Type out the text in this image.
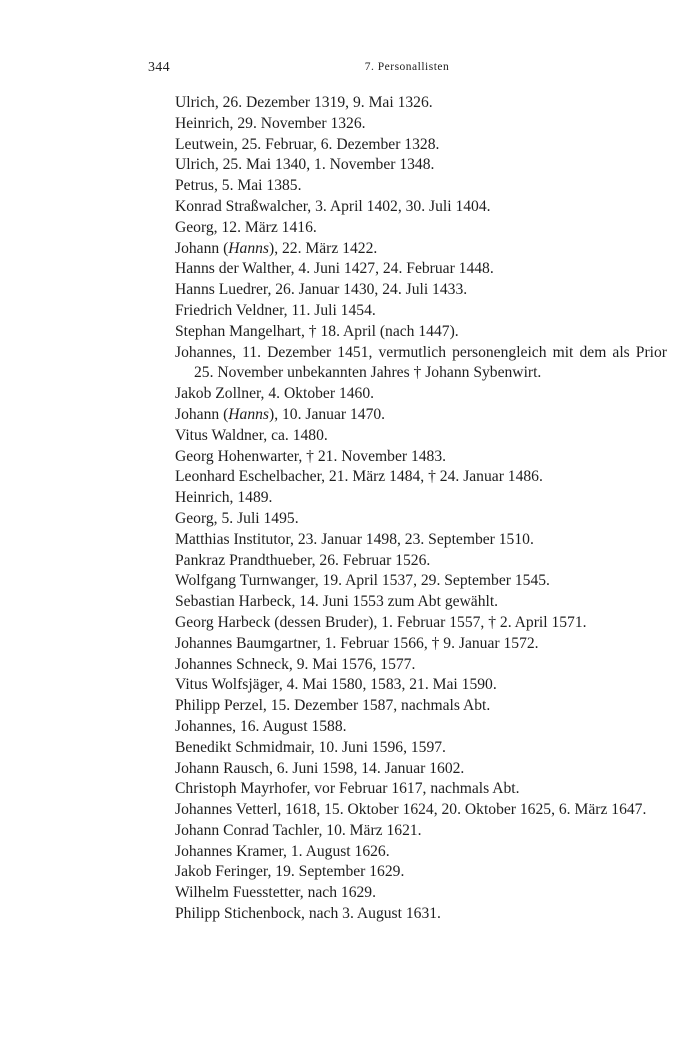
344	7. Personallisten
Ulrich, 26. Dezember 1319, 9. Mai 1326.
Heinrich, 29. November 1326.
Leutwein, 25. Februar, 6. Dezember 1328.
Ulrich, 25. Mai 1340, 1. November 1348.
Petrus, 5. Mai 1385.
Konrad Straßwalcher, 3. April 1402, 30. Juli 1404.
Georg, 12. März 1416.
Johann (Hanns), 22. März 1422.
Hanns der Walther, 4. Juni 1427, 24. Februar 1448.
Hanns Luedrer, 26. Januar 1430, 24. Juli 1433.
Friedrich Veldner, 11. Juli 1454.
Stephan Mangelhart, † 18. April (nach 1447).
Johannes, 11. Dezember 1451, vermutlich personengleich mit dem als Prior 25. November unbekannten Jahres † Johann Sybenwirt.
Jakob Zollner, 4. Oktober 1460.
Johann (Hanns), 10. Januar 1470.
Vitus Waldner, ca. 1480.
Georg Hohenwarter, † 21. November 1483.
Leonhard Eschelbacher, 21. März 1484, † 24. Januar 1486.
Heinrich, 1489.
Georg, 5. Juli 1495.
Matthias Institutor, 23. Januar 1498, 23. September 1510.
Pankraz Prandthueber, 26. Februar 1526.
Wolfgang Turnwanger, 19. April 1537, 29. September 1545.
Sebastian Harbeck, 14. Juni 1553 zum Abt gewählt.
Georg Harbeck (dessen Bruder), 1. Februar 1557, † 2. April 1571.
Johannes Baumgartner, 1. Februar 1566, † 9. Januar 1572.
Johannes Schneck, 9. Mai 1576, 1577.
Vitus Wolfsjäger, 4. Mai 1580, 1583, 21. Mai 1590.
Philipp Perzel, 15. Dezember 1587, nachmals Abt.
Johannes, 16. August 1588.
Benedikt Schmidmair, 10. Juni 1596, 1597.
Johann Rausch, 6. Juni 1598, 14. Januar 1602.
Christoph Mayrhofer, vor Februar 1617, nachmals Abt.
Johannes Vetterl, 1618, 15. Oktober 1624, 20. Oktober 1625, 6. März 1647.
Johann Conrad Tachler, 10. März 1621.
Johannes Kramer, 1. August 1626.
Jakob Feringer, 19. September 1629.
Wilhelm Fuesstetter, nach 1629.
Philipp Stichenbock, nach 3. August 1631.
